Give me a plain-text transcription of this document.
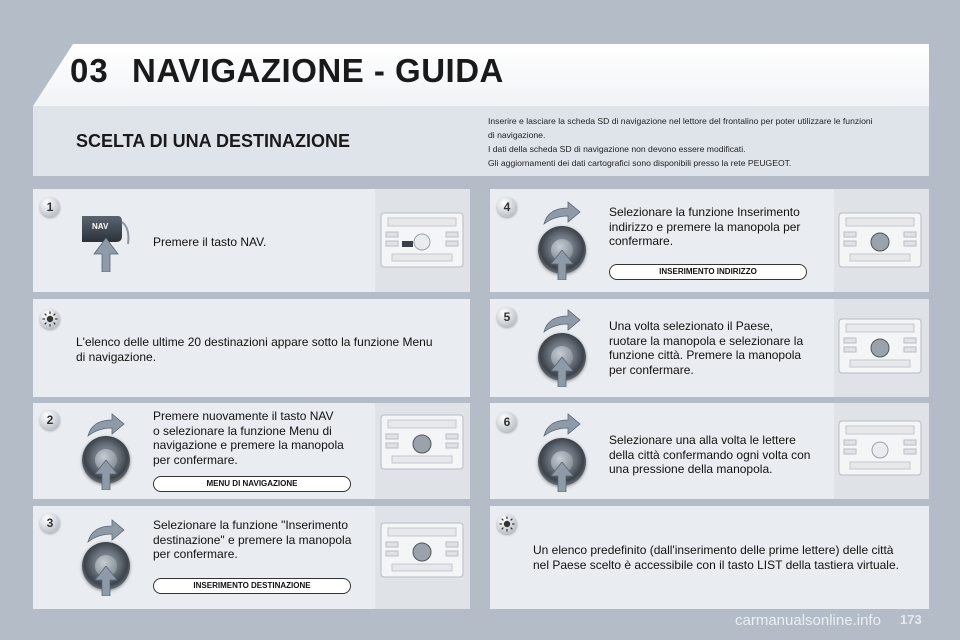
03 NAVIGAZIONE - GUIDA
SCELTA DI UNA DESTINAZIONE
Inserire e lasciare la scheda SD di navigazione nel lettore del frontalino per poter utilizzare le funzioni
di navigazione.
I dati della scheda SD di navigazione non devono essere modificati.
Gli aggiornamenti dei dati cartografici sono disponibili presso la rete PEUGEOT.
1
NAV
Premere il tasto NAV.
L'elenco delle ultime 20 destinazioni appare sotto la funzione Menu
di navigazione.
2	Premere nuovamente il tasto NAV
o selezionare la funzione Menu di
navigazione e premere la manopola
per confermare.
MENU DI NAVIGAZIONE
3	Selezionare la funzione "Inserimento
destinazione" e premere la manopola
per confermare.
INSERIMENTO DESTINAZIONE
4	Selezionare la funzione Inserimento
indirizzo e premere la manopola per
confermare.
INSERIMENTO INDIRIZZO
5
Una volta selezionato il Paese,
ruotare la manopola e selezionare la
funzione città. Premere la manopola
per confermare.
6
Selezionare una alla volta le lettere
della città confermando ogni volta con
una pressione della manopola.
Un elenco predefinito (dall'inserimento delle prime lettere) delle città
nel Paese scelto è accessibile con il tasto LIST della tastiera virtuale.
carmanualsonline.info 173
